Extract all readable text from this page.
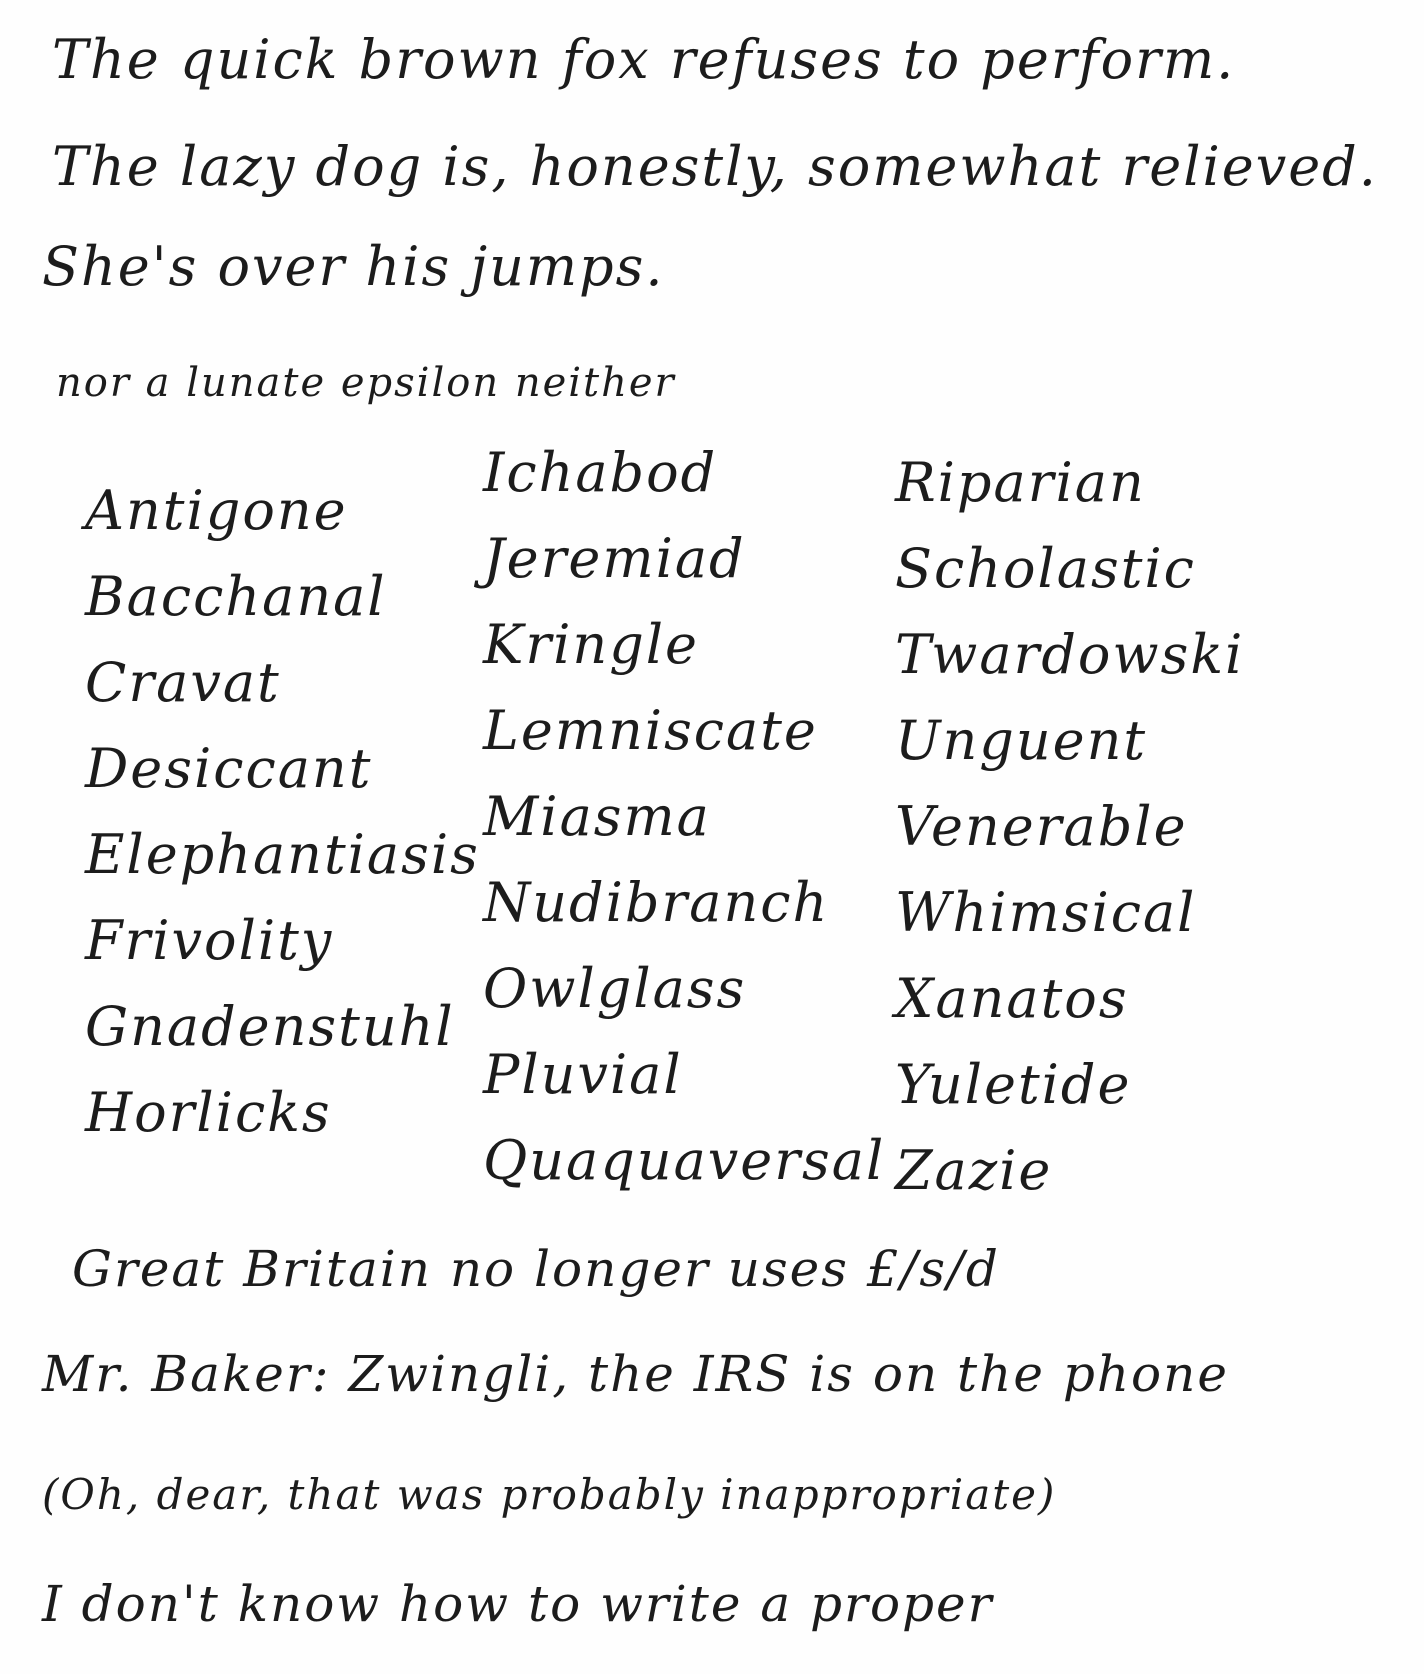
The quick brown fox refuses to perform.
The lazy dog is, honestly, somewhat relieved.
She's over his jumps.
nor a lunate epsilon neither
Antigone
Bacchanal
Cravat
Desiccant
Elephantiasis
Frivolity
Gnadenstuhl
Horlicks
Ichabod
Jeremiad
Kringle
Lemniscate
Miasma
Nudibranch
Owlglass
Pluvial
Quaquaversal
Riparian
Scholastic
Twardowski
Unguent
Venerable
Whimsical
Xanatos
Yuletide
Zazie
Great Britain no longer uses £/s/d
Mr. Baker: Zwingli, the IRS is on the phone
(Oh, dear, that was probably inappropriate)
I don't know how to write a proper
